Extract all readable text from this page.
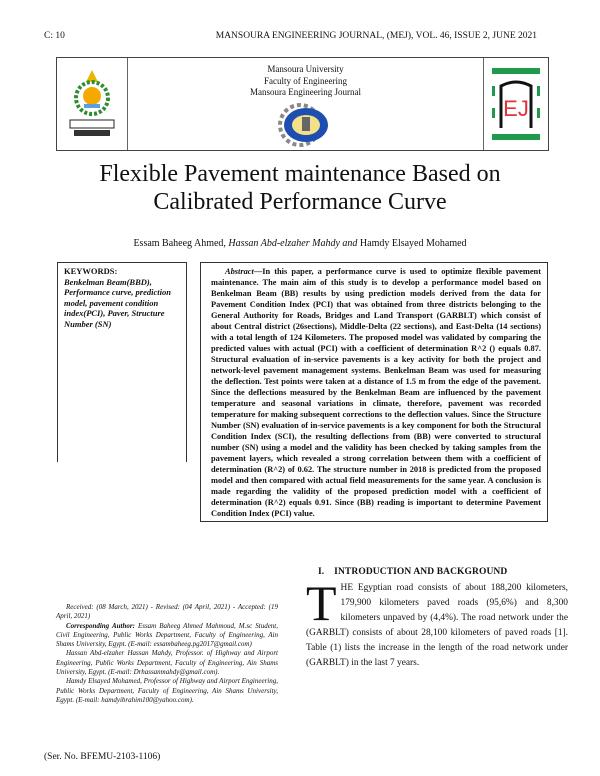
C: 10	MANSOURA ENGINEERING JOURNAL, (MEJ), VOL. 46, ISSUE 2, JUNE 2021
Mansoura University
Faculty of Engineering
Mansoura Engineering Journal
EJ
Flexible Pavement maintenance Based on
Calibrated Performance Curve
Essam Baheeg Ahmed, Hassan Abd-elzaher Mahdy and Hamdy Elsayed Mohamed
KEYWORDS:
Benkelman Beam(BBD), Performance curve, prediction model, pavement condition index(PCI), Paver, Structure Number (SN)
Abstract—In this paper, a performance curve is used to optimize flexible pavement maintenance. The main aim of this study is to develop a performance model based on Benkelman Beam (BB) results by using prediction models derived from the data for Pavement Condition Index (PCI) that was obtained from three districts belonging to the General Authority for Roads, Bridges and Land Transport (GARBLT) which consist of about Central district (26sections), Middle-Delta (22 sections), and East-Delta (14 sections) with a total length of 124 Kilometers. The proposed model was validated by comparing the predicted values with actual (PCI) with a coefficient of determination R^2 () equals 0.87. Structural evaluation of in-service pavements is a key activity for both the project and network-level pavement management systems. Benkelman Beam was used for measuring the deflection. Test points were taken at a distance of 1.5 m from the edge of the pavement. Since the deflections measured by the Benkelman Beam are influenced by the pavement temperature and seasonal variations in climate, therefore, pavement was recorded temperature for making subsequent corrections to the deflection values. Since the Structure Number (SN) evaluation of in-service pavements is a key component for both the Structural Condition Index (SCI), the resulting deflections from (BB) were converted to structural number (SN) using a model and the validity has been checked by taking samples from the pavement layers, which revealed a strong correlation between them with a coefficient of determination (R^2) of 0.62. The structure number in 2018 is predicted from the proposed model and then compared with actual field measurements for the same year. A conclusion is made regarding the validity of the proposed prediction model with a coefficient of determination (R^2) equals 0.91. Since (BB) reading is important to determine Pavement Condition Index (PCI) value.
I.    INTRODUCTION AND BACKGROUND
THE Egyptian road consists of about 188,200 kilometers, 179,900 kilometers paved roads (95,6%) and 8,300 kilometers unpaved by (4,4%). The road network under the (GARBLT) consists of about 28,100 kilometers of paved roads [1]. Table (1) lists the increase in the length of the road network under (GARBLT) in the last 7 years.

Received: (08 March, 2021) - Revised: (04 April, 2021) - Accepted: (19 April, 2021)

Corresponding Author: Essam Baheeg Ahmed Mahmoud, M.sc Student, Civil Engineering, Public Works Department, Faculty of Engineering, Ain Shams University, Egypt. (E-mail: essambaheeg.pg2017@gmail.com)

Hassan Abd-elzaher Hassan Mahdy, Professor. of Highway and Airport Engineering, Public Works Department, Faculty of Engineering, Ain Shams University, Egypt. (E-mail: Drhassanmahdy@gmail.com).

Hamdy Elsayed Mohamed, Professor of Highway and Airport Engineering, Public Works Department, Faculty of Engineering, Ain Shams University, Egypt. (E-mail: hamdyibrahim100@yahoo.com).

(Ser. No. BFEMU-2103-1106)
